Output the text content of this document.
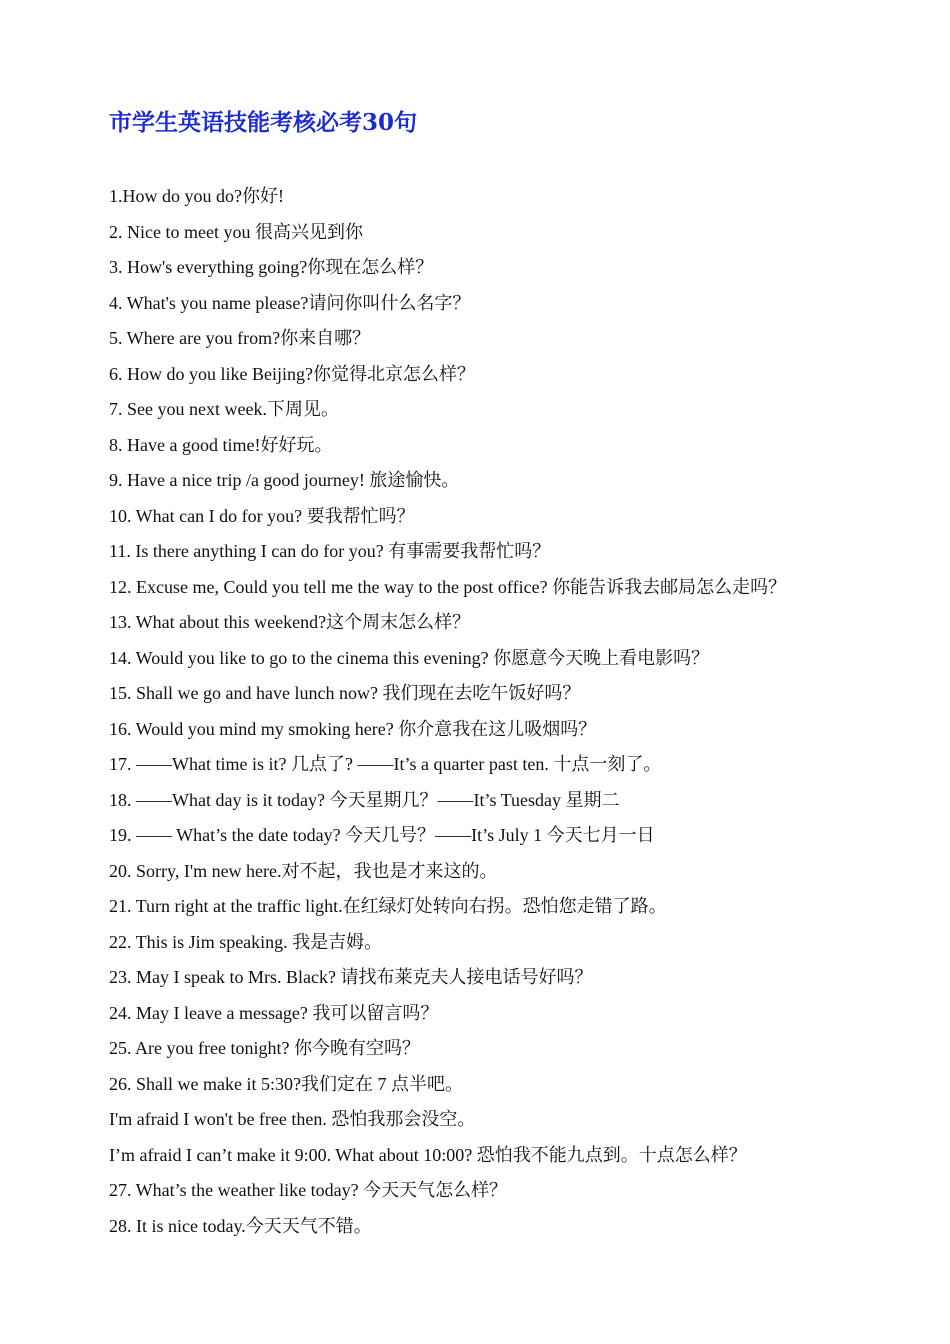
市学生英语技能考核必考30句
1.How do you do?你好!
2. Nice to meet you 很高兴见到你
3. How's everything going?你现在怎么样？
4. What's you name please?请问你叫什么名字？
5. Where are you from?你来自哪？
6. How do you like Beijing?你觉得北京怎么样？
7. See you next week.下周见。
8. Have a good time!好好玩。
9. Have a nice trip /a good journey! 旅途愉快。
10. What can I do for you? 要我帮忙吗？
11. Is there anything I can do for you? 有事需要我帮忙吗？
12. Excuse me, Could you tell me the way to the post office? 你能告诉我去邮局怎么走吗？
13. What about this weekend?这个周末怎么样？
14. Would you like to go to the cinema this evening? 你愿意今天晚上看电影吗？
15. Shall we go and have lunch now? 我们现在去吃午饭好吗？
16. Would you mind my smoking here? 你介意我在这儿吸烟吗？
17. ——What time is it? 几点了? ——It’s a quarter past ten. 十点一刻了。
18. ——What day is it today? 今天星期几？——It’s Tuesday 星期二
19. —— What’s the date today? 今天几号？——It’s July 1 今天七月一日
20. Sorry, I'm new here.对不起，我也是才来这的。
21. Turn right at the traffic light.在红绿灯处转向右拐。恐怕您走错了路。
22. This is Jim speaking. 我是吉姆。
23. May I speak to Mrs. Black? 请找布莱克夫人接电话号好吗？
24. May I leave a message? 我可以留言吗？
25. Are you free tonight? 你今晚有空吗？
26. Shall we make it 5:30?我们定在 7 点半吧。
I'm afraid I won't be free then. 恐怕我那会没空。
I’m afraid I can’t make it 9:00. What about 10:00? 恐怕我不能九点到。十点怎么样？
27. What’s the weather like today? 今天天气怎么样？
28. It is nice today.今天天气不错。
